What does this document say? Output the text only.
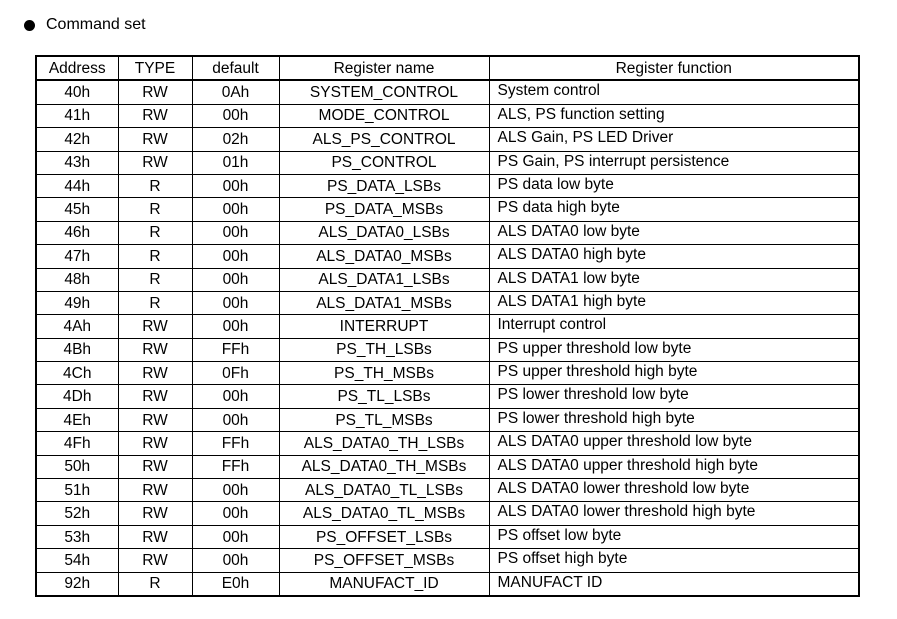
Command set
Address	TYPE	default	Register name	Register function
40h	RW	0Ah	SYSTEM_CONTROL	System control
41h	RW	00h	MODE_CONTROL	ALS, PS function setting
42h	RW	02h	ALS_PS_CONTROL	ALS Gain, PS LED Driver
43h	RW	01h	PS_CONTROL	PS Gain, PS interrupt persistence
44h	R	00h	PS_DATA_LSBs	PS data low byte
45h	R	00h	PS_DATA_MSBs	PS data high byte
46h	R	00h	ALS_DATA0_LSBs	ALS DATA0 low byte
47h	R	00h	ALS_DATA0_MSBs	ALS DATA0 high byte
48h	R	00h	ALS_DATA1_LSBs	ALS DATA1 low byte
49h	R	00h	ALS_DATA1_MSBs	ALS DATA1 high byte
4Ah	RW	00h	INTERRUPT	Interrupt control
4Bh	RW	FFh	PS_TH_LSBs	PS upper threshold low byte
4Ch	RW	0Fh	PS_TH_MSBs	PS upper threshold high byte
4Dh	RW	00h	PS_TL_LSBs	PS lower threshold low byte
4Eh	RW	00h	PS_TL_MSBs	PS lower threshold high byte
4Fh	RW	FFh	ALS_DATA0_TH_LSBs	ALS DATA0 upper threshold low byte
50h	RW	FFh	ALS_DATA0_TH_MSBs	ALS DATA0 upper threshold high byte
51h	RW	00h	ALS_DATA0_TL_LSBs	ALS DATA0 lower threshold low byte
52h	RW	00h	ALS_DATA0_TL_MSBs	ALS DATA0 lower threshold high byte
53h	RW	00h	PS_OFFSET_LSBs	PS offset low byte
54h	RW	00h	PS_OFFSET_MSBs	PS offset high byte
92h	R	E0h	MANUFACT_ID	MANUFACT ID
